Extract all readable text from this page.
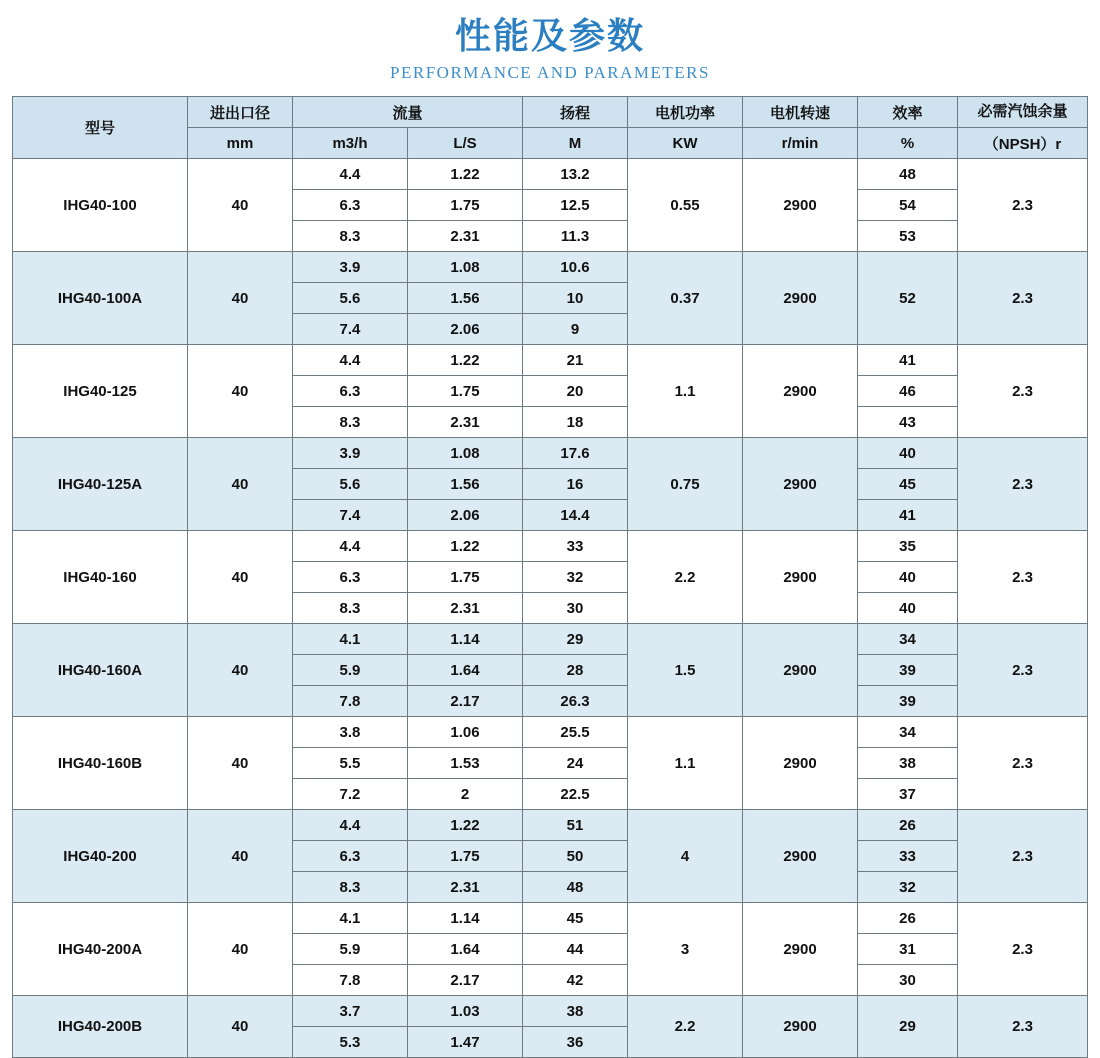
性能及参数
PERFORMANCE AND PARAMETERS
型号	进出口径	流量		扬程	电机功率	电机转速	效率	必需汽蚀余量
	mm	m3/h	L/S	M	KW	r/min	%	（NPSH）r
IHG40-100	40	4.4	1.22	13.2	0.55	2900	48	2.3
		6.3	1.75	12.5			54	
		8.3	2.31	11.3			53	
IHG40-100A	40	3.9	1.08	10.6	0.37	2900	52	2.3
		5.6	1.56	10				
		7.4	2.06	9				
IHG40-125	40	4.4	1.22	21	1.1	2900	41	2.3
		6.3	1.75	20			46	
		8.3	2.31	18			43	
IHG40-125A	40	3.9	1.08	17.6	0.75	2900	40	2.3
		5.6	1.56	16			45	
		7.4	2.06	14.4			41	
IHG40-160	40	4.4	1.22	33	2.2	2900	35	2.3
		6.3	1.75	32			40	
		8.3	2.31	30			40	
IHG40-160A	40	4.1	1.14	29	1.5	2900	34	2.3
		5.9	1.64	28			39	
		7.8	2.17	26.3			39	
IHG40-160B	40	3.8	1.06	25.5	1.1	2900	34	2.3
		5.5	1.53	24			38	
		7.2	2	22.5			37	
IHG40-200	40	4.4	1.22	51	4	2900	26	2.3
		6.3	1.75	50			33	
		8.3	2.31	48			32	
IHG40-200A	40	4.1	1.14	45	3	2900	26	2.3
		5.9	1.64	44			31	
		7.8	2.17	42			30	
IHG40-200B	40	3.7	1.03	38	2.2	2900	29	2.3
		5.3	1.47	36				
